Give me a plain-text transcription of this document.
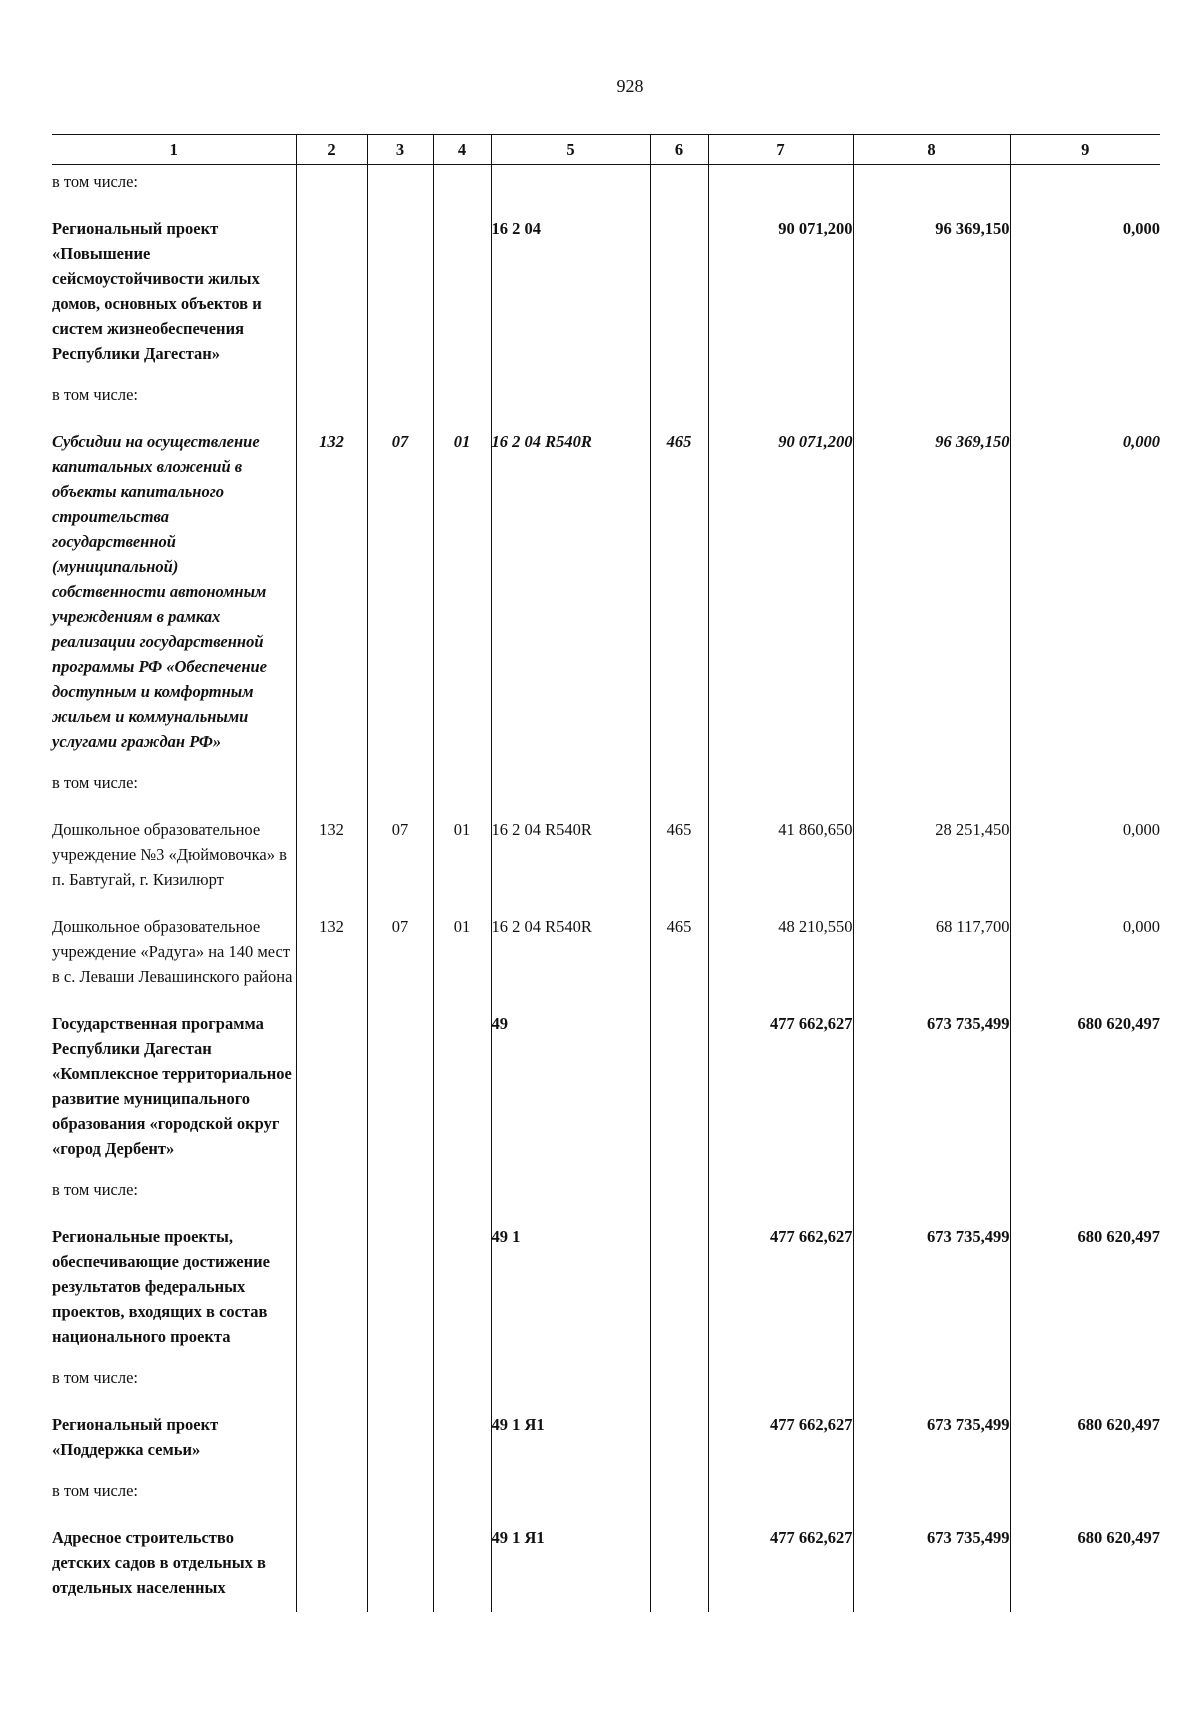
928
1	2	3	4	5	6	7	8	9
в том числе:								
Региональный проект «Повышение сейсмоустойчивости жилых домов, основных объектов и систем жизнеобеспечения Республики Дагестан»				16 2 04		90 071,200	96 369,150	0,000
в том числе:								
Субсидии на осуществление капитальных вложений в объекты капитального строительства государственной (муниципальной) собственности автономным учреждениям в рамках реализации государственной программы РФ «Обеспечение доступным и комфортным жильем и коммунальными услугами граждан РФ»	132	07	01	16 2 04 R540R	465	90 071,200	96 369,150	0,000
в том числе:								
Дошкольное образовательное учреждение №3 «Дюймовочка» в п. Бавтугай, г. Кизилюрт	132	07	01	16 2 04 R540R	465	41 860,650	28 251,450	0,000
Дошкольное образовательное учреждение «Радуга» на 140 мест в с. Леваши Левашинского района	132	07	01	16 2 04 R540R	465	48 210,550	68 117,700	0,000
Государственная программа Республики Дагестан «Комплексное территориальное развитие муниципального образования «городской округ «город Дербент»				49		477 662,627	673 735,499	680 620,497
в том числе:								
Региональные проекты, обеспечивающие достижение результатов федеральных проектов, входящих в состав национального проекта				49 1		477 662,627	673 735,499	680 620,497
в том числе:								
Региональный проект «Поддержка семьи»				49 1 Я1		477 662,627	673 735,499	680 620,497
в том числе:								
Адресное строительство детских садов в отдельных в отдельных населенных				49 1 Я1		477 662,627	673 735,499	680 620,497
